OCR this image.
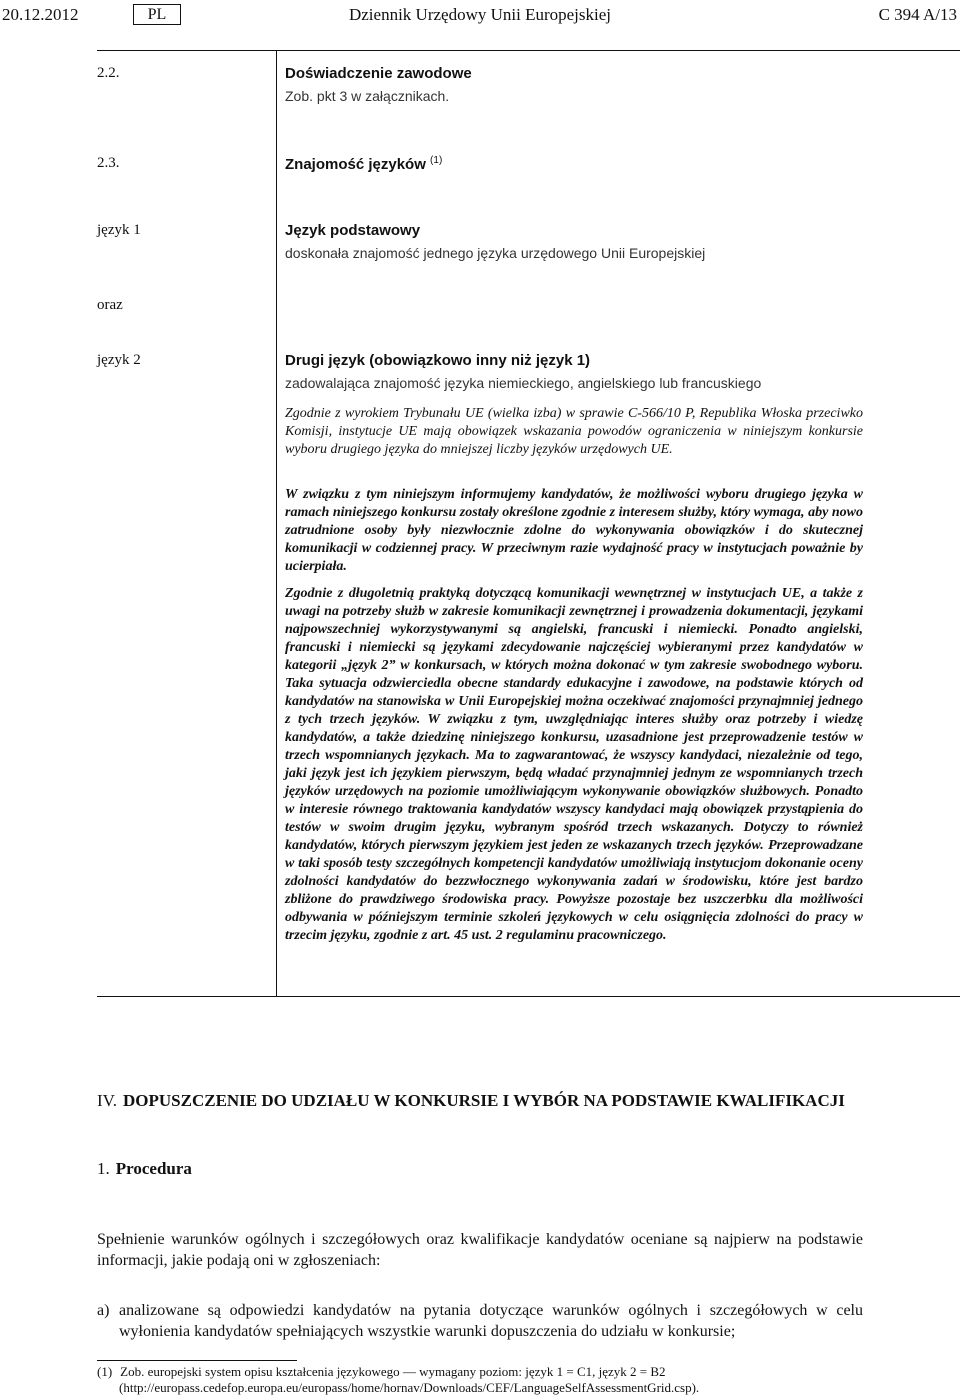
20.12.2012	PL	Dziennik Urzędowy Unii Europejskiej	C 394 A/13
2.2.	Doświadczenie zawodowe
Zob. pkt 3 w załącznikach.
2.3.	Znajomość języków $^{(1)}$
język 1	Język podstawowy
doskonała znajomość jednego języka urzędowego Unii Europejskiej
oraz
język 2	Drugi język (obowiązkowo inny niż język 1)
zadowalająca znajomość języka niemieckiego, angielskiego lub francuskiego
Zgodnie z wyrokiem Trybunału UE (wielka izba) w sprawie C-566/10 P, Republika Włoska przeciwko Komisji, instytucje UE mają obowiązek wskazania powodów ograniczenia w niniejszym konkursie wyboru drugiego języka do mniejszej liczby języków urzędowych UE.
W związku z tym niniejszym informujemy kandydatów, że możliwości wyboru drugiego języka w ramach niniejszego konkursu zostały określone zgodnie z interesem służby, który wymaga, aby nowo zatrudnione osoby były niezwłocznie zdolne do wykonywania obowiązków i do skutecznej komunikacji w codziennej pracy. W przeciwnym razie wydajność pracy w instytucjach poważnie by ucierpiała.
Zgodnie z długoletnią praktyką dotyczącą komunikacji wewnętrznej w instytucjach UE, a także z uwagi na potrzeby służb w zakresie komunikacji zewnętrznej i prowadzenia dokumentacji, językami najpowszechniej wykorzystywanymi są angielski, francuski i niemiecki. Ponadto angielski, francuski i niemiecki są językami zdecydowanie najczęściej wybieranymi przez kandydatów w kategorii „język 2” w konkursach, w których można dokonać w tym zakresie swobodnego wyboru. Taka sytuacja odzwierciedla obecne standardy edukacyjne i zawodowe, na podstawie których od kandydatów na stanowiska w Unii Europejskiej można oczekiwać znajomości przynajmniej jednego z tych trzech języków. W związku z tym, uwzględniając interes służby oraz potrzeby i wiedzę kandydatów, a także dziedzinę niniejszego konkursu, uzasadnione jest przeprowadzenie testów w trzech wspomnianych językach. Ma to zagwarantować, że wszyscy kandydaci, niezależnie od tego, jaki język jest ich językiem pierwszym, będą władać przynajmniej jednym ze wspomnianych trzech języków urzędowych na poziomie umożliwiającym wykonywanie obowiązków służbowych. Ponadto w interesie równego traktowania kandydatów wszyscy kandydaci mają obowiązek przystąpienia do testów w swoim drugim języku, wybranym spośród trzech wskazanych. Dotyczy to również kandydatów, których pierwszym językiem jest jeden ze wskazanych trzech języków. Przeprowadzane w taki sposób testy szczegółnych kompetencji kandydatów umożliwiają instytucjom dokonanie oceny zdolności kandydatów do bezzwłocznego wykonywania zadań w środowisku, które jest bardzo zbliżone do prawdziwego środowiska pracy. Powyższe pozostaje bez uszczerbku dla możliwości odbywania w późniejszym terminie szkoleń językowych w celu osiągnięcia zdolności do pracy w trzecim języku, zgodnie z art. 45 ust. 2 regulaminu pracowniczego.
IV. DOPUSZCZENIE DO UDZIAŁU W KONKURSIE I WYBÓR NA PODSTAWIE KWALIFIKACJI
1. Procedura
Spełnienie warunków ogólnych i szczegółowych oraz kwalifikacje kandydatów oceniane są najpierw na podstawie informacji, jakie podają oni w zgłoszeniach:
a) analizowane są odpowiedzi kandydatów na pytania dotyczące warunków ogólnych i szczegółowych w celu wyłonienia kandydatów spełniających wszystkie warunki dopuszczenia do udziału w konkursie;
(1) Zob. europejski system opisu kształcenia językowego — wymagany poziom: język 1 = C1, język 2 = B2
(http://europass.cedefop.europa.eu/europass/home/hornav/Downloads/CEF/LanguageSelfAssessmentGrid.csp).
